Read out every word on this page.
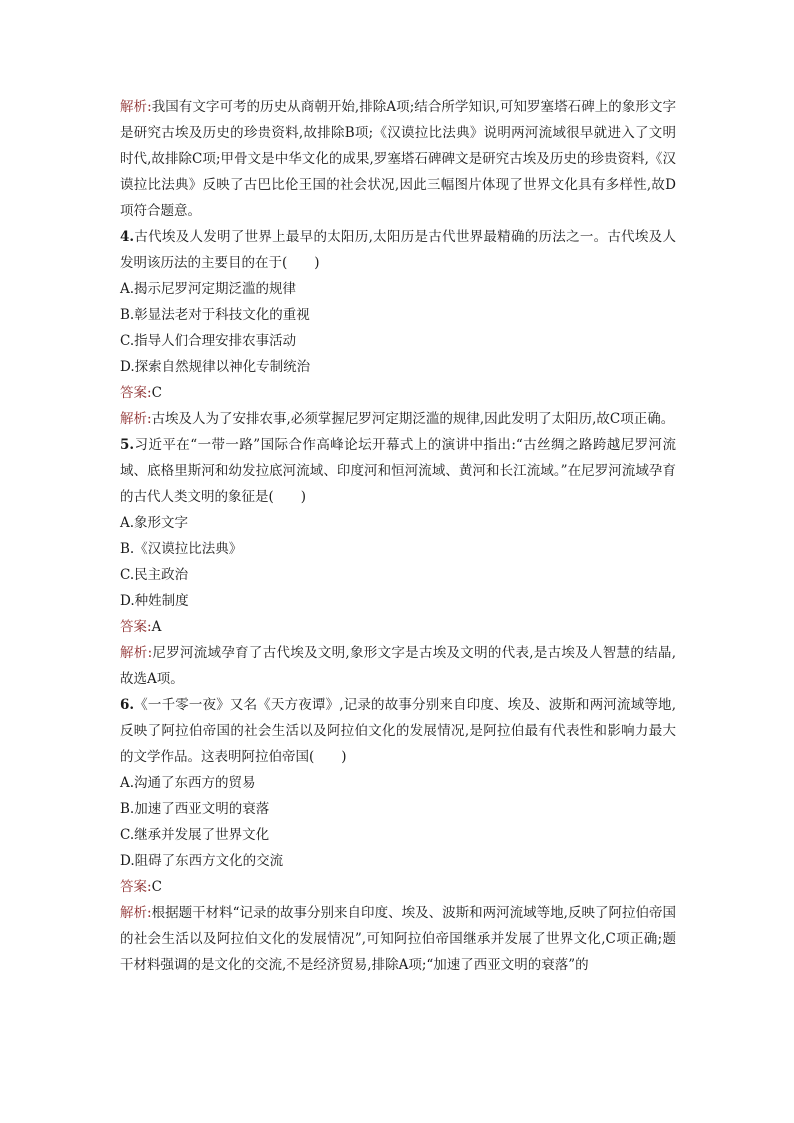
解析:我国有文字可考的历史从商朝开始,排除A项;结合所学知识,可知罗塞塔石碑上的象形文字是研究古埃及历史的珍贵资料,故排除B项;《汉谟拉比法典》说明两河流域很早就进入了文明时代,故排除C项;甲骨文是中华文化的成果,罗塞塔石碑碑文是研究古埃及历史的珍贵资料,《汉谟拉比法典》反映了古巴比伦王国的社会状况,因此三幅图片体现了世界文化具有多样性,故D项符合题意。

4.古代埃及人发明了世界上最早的太阳历,太阳历是古代世界最精确的历法之一。古代埃及人发明该历法的主要目的在于(　　)

A.揭示尼罗河定期泛滥的规律

B.彰显法老对于科技文化的重视

C.指导人们合理安排农事活动

D.探索自然规律以神化专制统治

答案:C

解析:古埃及人为了安排农事,必须掌握尼罗河定期泛滥的规律,因此发明了太阳历,故C项正确。

5.习近平在“一带一路”国际合作高峰论坛开幕式上的演讲中指出:“古丝绸之路跨越尼罗河流域、底格里斯河和幼发拉底河流域、印度河和恒河流域、黄河和长江流域。”在尼罗河流域孕育的古代人类文明的象征是(　　)

A.象形文字

B.《汉谟拉比法典》

C.民主政治

D.种姓制度

答案:A

解析:尼罗河流域孕育了古代埃及文明,象形文字是古埃及文明的代表,是古埃及人智慧的结晶,故选A项。

6.《一千零一夜》又名《天方夜谭》,记录的故事分别来自印度、埃及、波斯和两河流域等地,反映了阿拉伯帝国的社会生活以及阿拉伯文化的发展情况,是阿拉伯最有代表性和影响力最大的文学作品。这表明阿拉伯帝国(　　)

A.沟通了东西方的贸易

B.加速了西亚文明的衰落

C.继承并发展了世界文化

D.阻碍了东西方文化的交流

答案:C

解析:根据题干材料“记录的故事分别来自印度、埃及、波斯和两河流域等地,反映了阿拉伯帝国的社会生活以及阿拉伯文化的发展情况”,可知阿拉伯帝国继承并发展了世界文化,C项正确;题干材料强调的是文化的交流,不是经济贸易,排除A项;“加速了西亚文明的衰落”的
